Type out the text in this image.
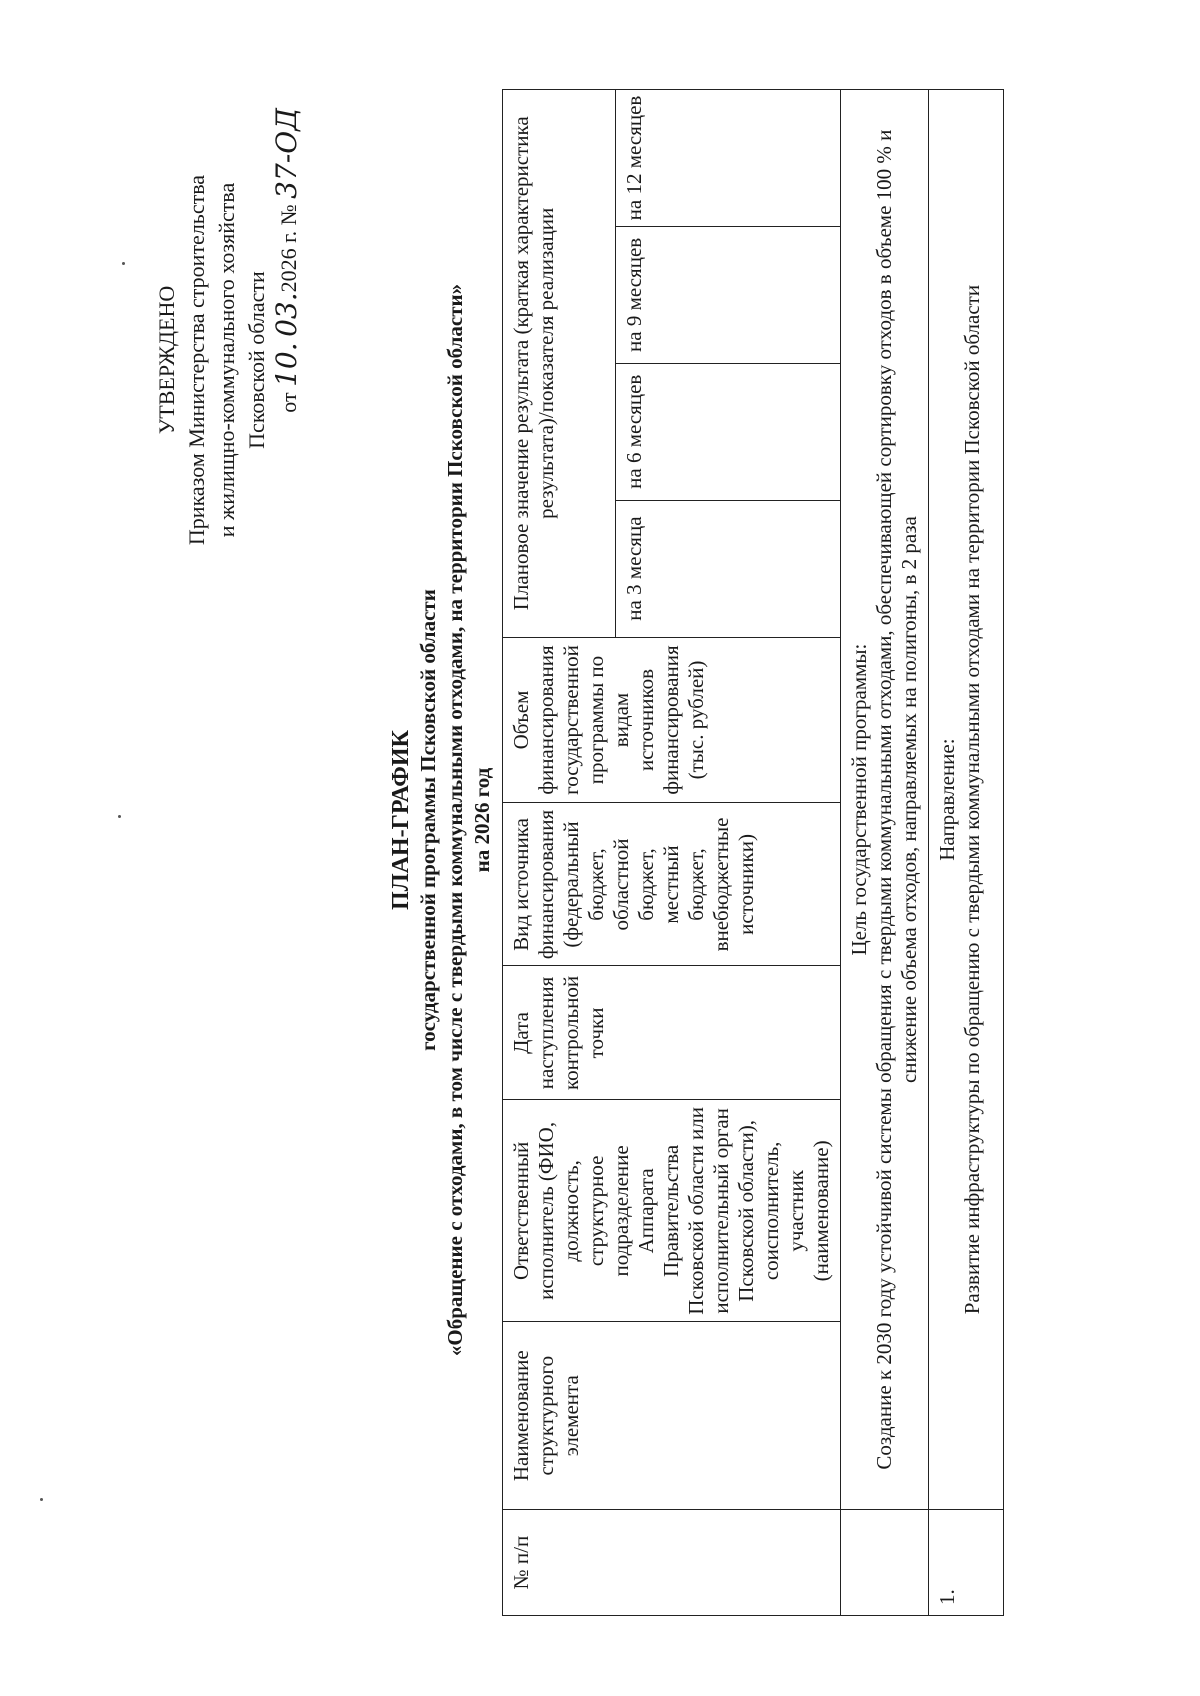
УТВЕРЖДЕНО Приказом Министерства строительства и жилищно-коммунального хозяйства Псковской области от 10. 03.2026 г. № 37-ОД
ПЛАН-ГРАФИК государственной программы Псковской области «Обращение с отходами, в том числе с твердыми коммунальными отходами, на территории Псковской области» на 2026 год
№ п/п	Наименование структурного элемента	Ответственный исполнитель (ФИО, должность, структурное подразделение Аппарата Правительства Псковской области или исполнительный орган Псковской области), соисполнитель, участник (наименование)	Дата наступления контрольной точки	Вид источника финансирования (федеральный бюджет, областной бюджет, местный бюджет, внебюджетные источники)	Объем финансирования государственной программы по видам источников финансирования (тыс. рублей)	Плановое значение результата (краткая характеристика результата)/показателя реализации			
						на 3 месяца	на 6 месяцев	на 9 месяцев	на 12 месяцев

	Цель государственной программы: Создание к 2030 году устойчивой системы обращения с твердыми коммунальными отходами, обеспечивающей сортировку отходов в объеме 100 % и снижение объема отходов, направляемых на полигоны, в 2 раза								

1.	Направление: Развитие инфраструктуры по обращению с твердыми коммунальными отходами на территории Псковской области								
